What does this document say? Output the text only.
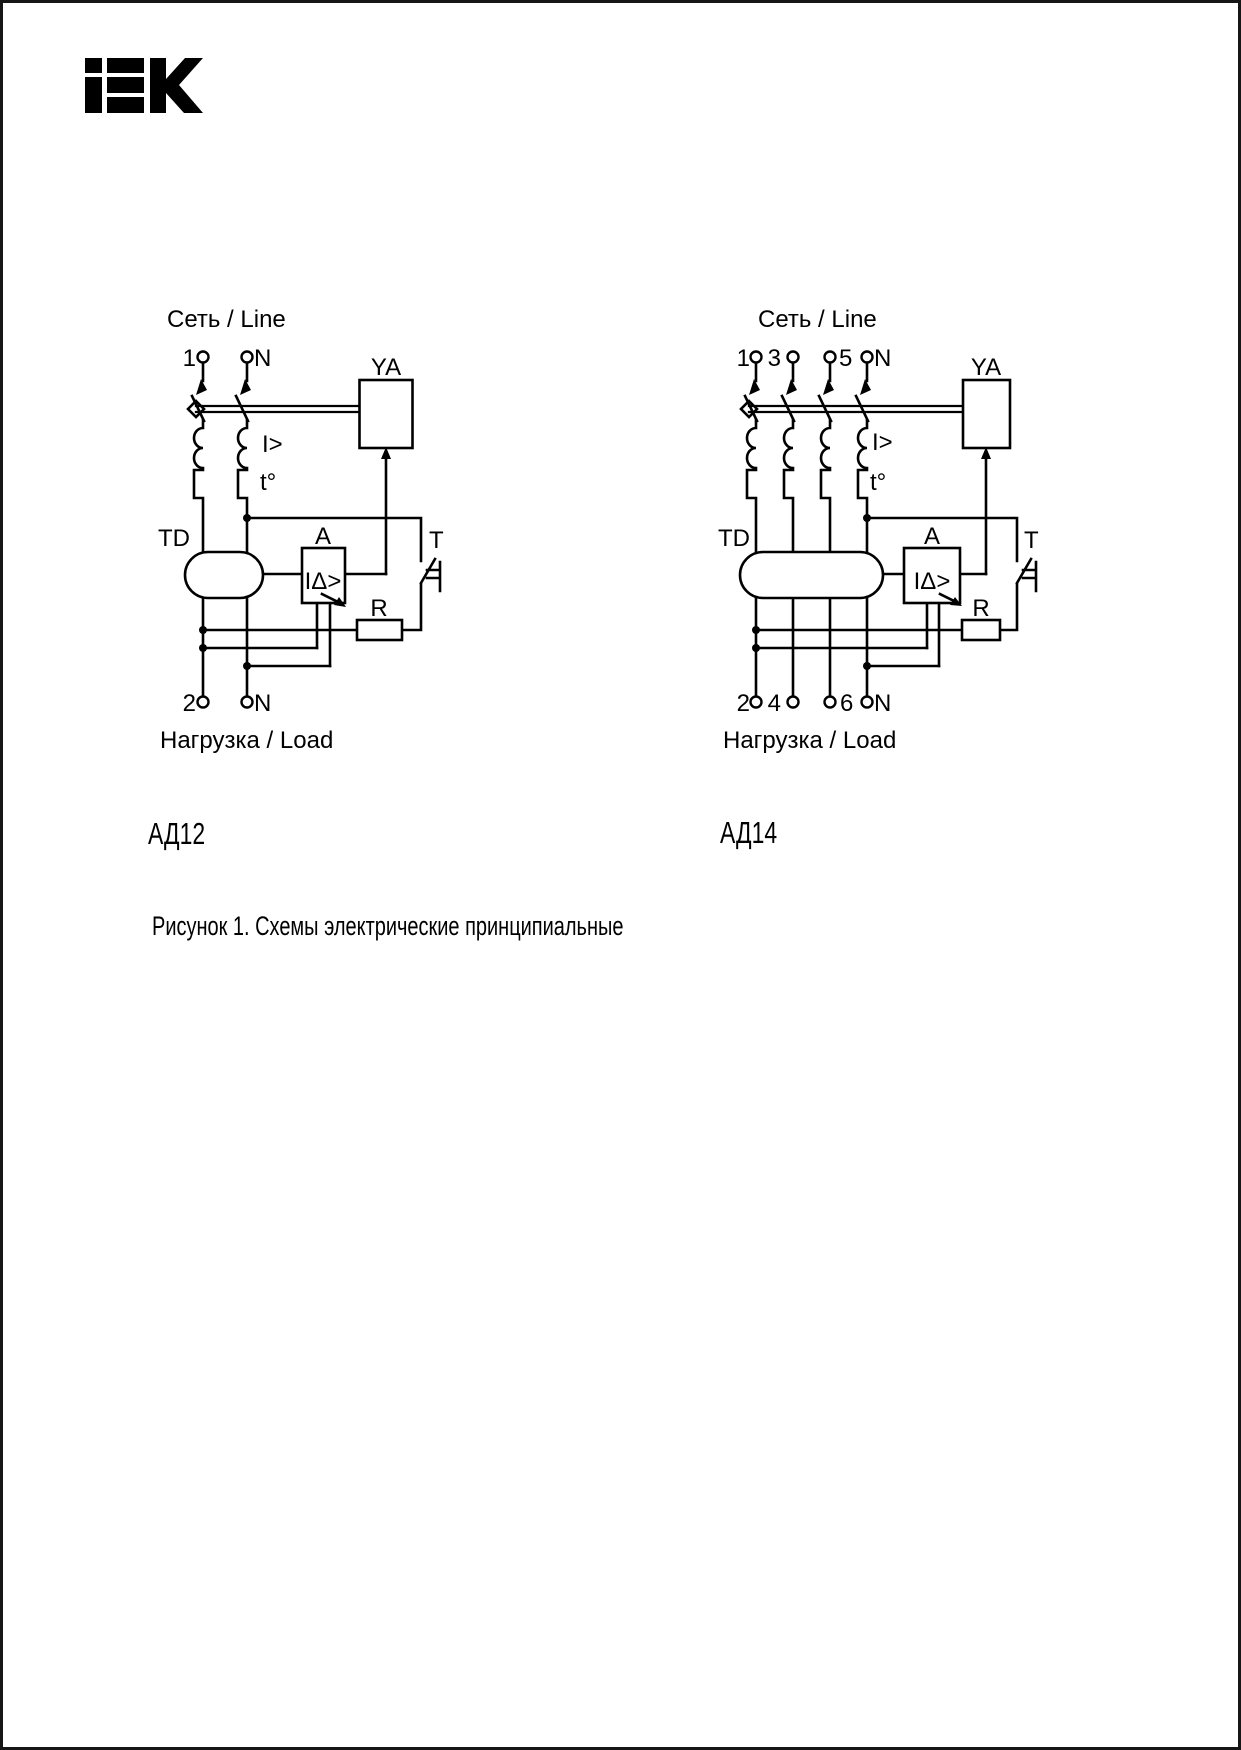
Сеть / Line
1 N	YA
I>
t°
TD	A
IΔ>
R
T
2 N
Нагрузка / Load
Сеть / Line
1 3 5 N	YA
I>
t°
TD	A
IΔ>
R
T
2 4 6 N
Нагрузка / Load
АД12	АД14
Рисунок 1. Схемы электрические принципиальные
